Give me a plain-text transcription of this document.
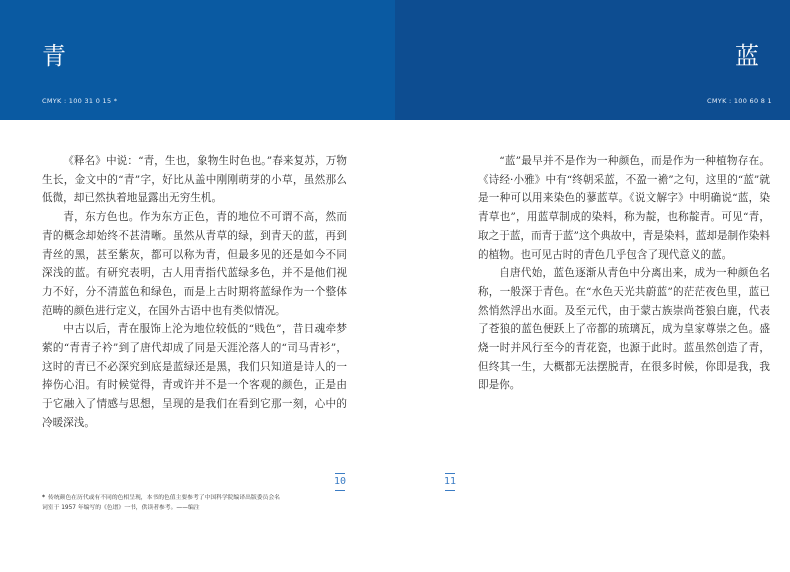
青
CMYK : 100 31 0 15 *

《释名》中说：“青，生也，象物生时色也。”春来复苏，万物生长，金文中的“青”字，好比从盖中刚刚萌芽的小草，虽然那么低微，却已然执着地显露出无穷生机。

青，东方色也。作为东方正色，青的地位不可谓不高，然而青的概念却始终不甚清晰。虽然从青草的绿，到青天的蓝，再到青丝的黑，甚至紫灰，都可以称为青，但最多见的还是如今不同深浅的蓝。有研究表明，古人用青指代蓝绿多色，并不是他们视力不好，分不清蓝色和绿色，而是上古时期将蓝绿作为一个整体范畴的颜色进行定义，在国外古语中也有类似情况。

中古以后，青在服饰上沦为地位较低的“贱色”，昔日魂牵梦萦的“青青子衿”到了唐代却成了同是天涯沦落人的“司马青衫”，这时的青已不必深究到底是蓝绿还是黑，我们只知道是诗人的一捧伤心泪。有时候觉得，青或许并不是一个客观的颜色，正是由于它融入了情感与思想，呈现的是我们在看到它那一刻，心中的冷暖深浅。

10
* 传统颜色在历代或有不同的色相呈现，本书的色值主要参考了中国科学院编译出版委员会名词室于 1957 年编写的《色谱》一书，供读者参考。——编注
蓝
CMYK : 100 60 8 1

“蓝”最早并不是作为一种颜色，而是作为一种植物存在。《诗经·小雅》中有“终朝采蓝，不盈一襜”之句，这里的“蓝”就是一种可以用来染色的蓼蓝草。《说文解字》中明确说“蓝，染青草也”，用蓝草制成的染料，称为靛，也称靛青。可见“青，取之于蓝，而青于蓝”这个典故中，青是染料，蓝却是制作染料的植物。也可见古时的青色几乎包含了现代意义的蓝。

自唐代始，蓝色逐渐从青色中分离出来，成为一种颜色名称，一般深于青色。在“水色天光共蔚蓝”的茫茫夜色里，蓝已然悄然浮出水面。及至元代，由于蒙古族崇尚苍狼白鹿，代表了苍狼的蓝色便跃上了帝都的琉璃瓦，成为皇家尊崇之色。盛烧一时并风行至今的青花瓷，也源于此时。蓝虽然创造了青，但终其一生，大概都无法摆脱青，在很多时候，你即是我，我即是你。

11
